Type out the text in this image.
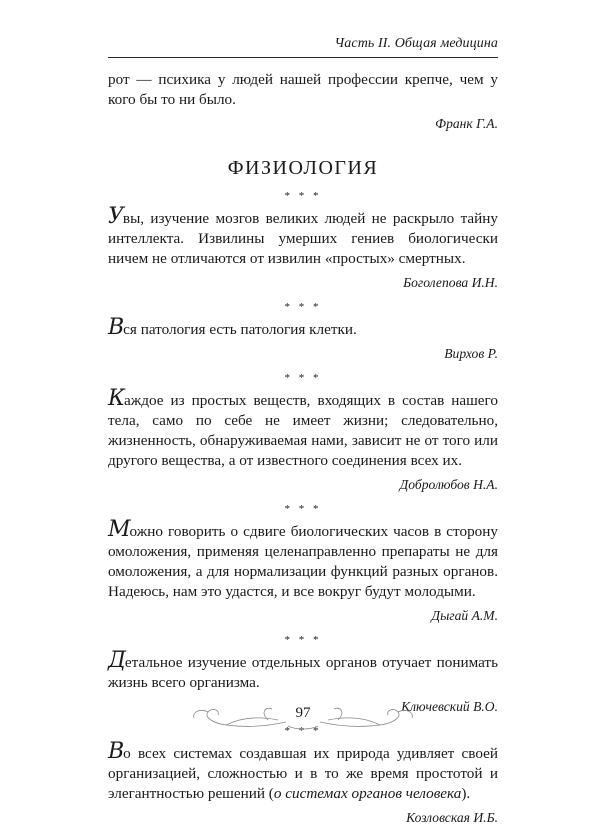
Часть II. Общая медицина

рот — психика у людей нашей профессии крепче, чем у кого бы то ни было.

Франк Г.А.

ФИЗИОЛОГИЯ
* * *

Увы, изучение мозгов великих людей не раскрыло тайну интеллекта. Извилины умерших гениев биологически ничем не отличаются от извилин «простых» смертных.

Боголепова И.Н.

* * *

Вся патология есть патология клетки.

Вирхов Р.

* * *

Каждое из простых веществ, входящих в состав нашего тела, само по себе не имеет жизни; следовательно, жизненность, обнаруживаемая нами, зависит не от того или другого вещества, а от известного соединения всех их.

Добролюбов Н.А.

* * *

Можно говорить о сдвиге биологических часов в сторону омоложения, применяя целенаправленно препараты не для омоложения, а для нормализации функций разных органов. Надеюсь, нам это удастся, и все вокруг будут молодыми.

Дыгай А.М.

* * *

Детальное изучение отдельных органов отучает понимать жизнь всего организма.

Ключевский В.О.

* * *

Во всех системах создавшая их природа удивляет своей организацией, сложностью и в то же время простотой и элегантностью решений (о системах органов человека).

Козловская И.Б.

97
